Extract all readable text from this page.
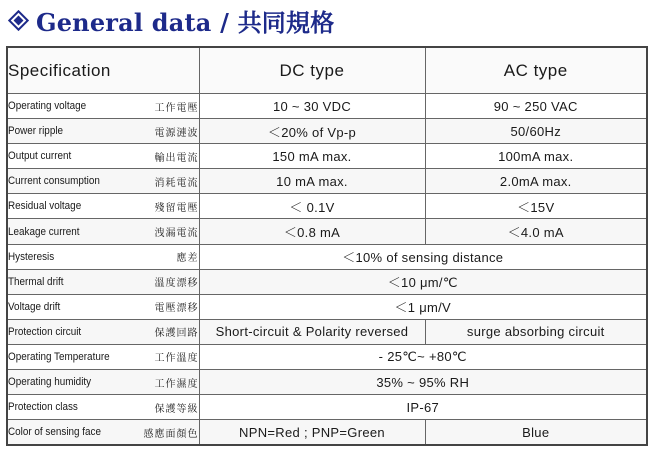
General data / 共同規格
Specification	DC type	AC type

Operating voltage 工作電壓	10 ~ 30 VDC	90 ~ 250 VAC

Power ripple 電源漣波	＜20% of Vp-p	50/60Hz

Output current 輸出電流	150 mA max.	100mA max.

Current consumption 消耗電流	10 mA max.	2.0mA max.

Residual voltage 殘留電壓	＜ 0.1V	＜15V

Leakage current 洩漏電流	＜0.8 mA	＜4.0 mA

Hysteresis 應差	＜10% of sensing distance	

Thermal drift 溫度漂移	＜10 μm/℃	

Voltage drift 電壓漂移	＜1 μm/V	

Protection circuit 保護回路	Short-circuit & Polarity reversed	surge absorbing circuit

Operating Temperature 工作溫度	- 25℃~ +80℃	

Operating humidity 工作濕度	35% ~ 95% RH	

Protection class 保護等級	IP-67	

Color of sensing face 感應面顏色	NPN=Red ; PNP=Green	Blue
